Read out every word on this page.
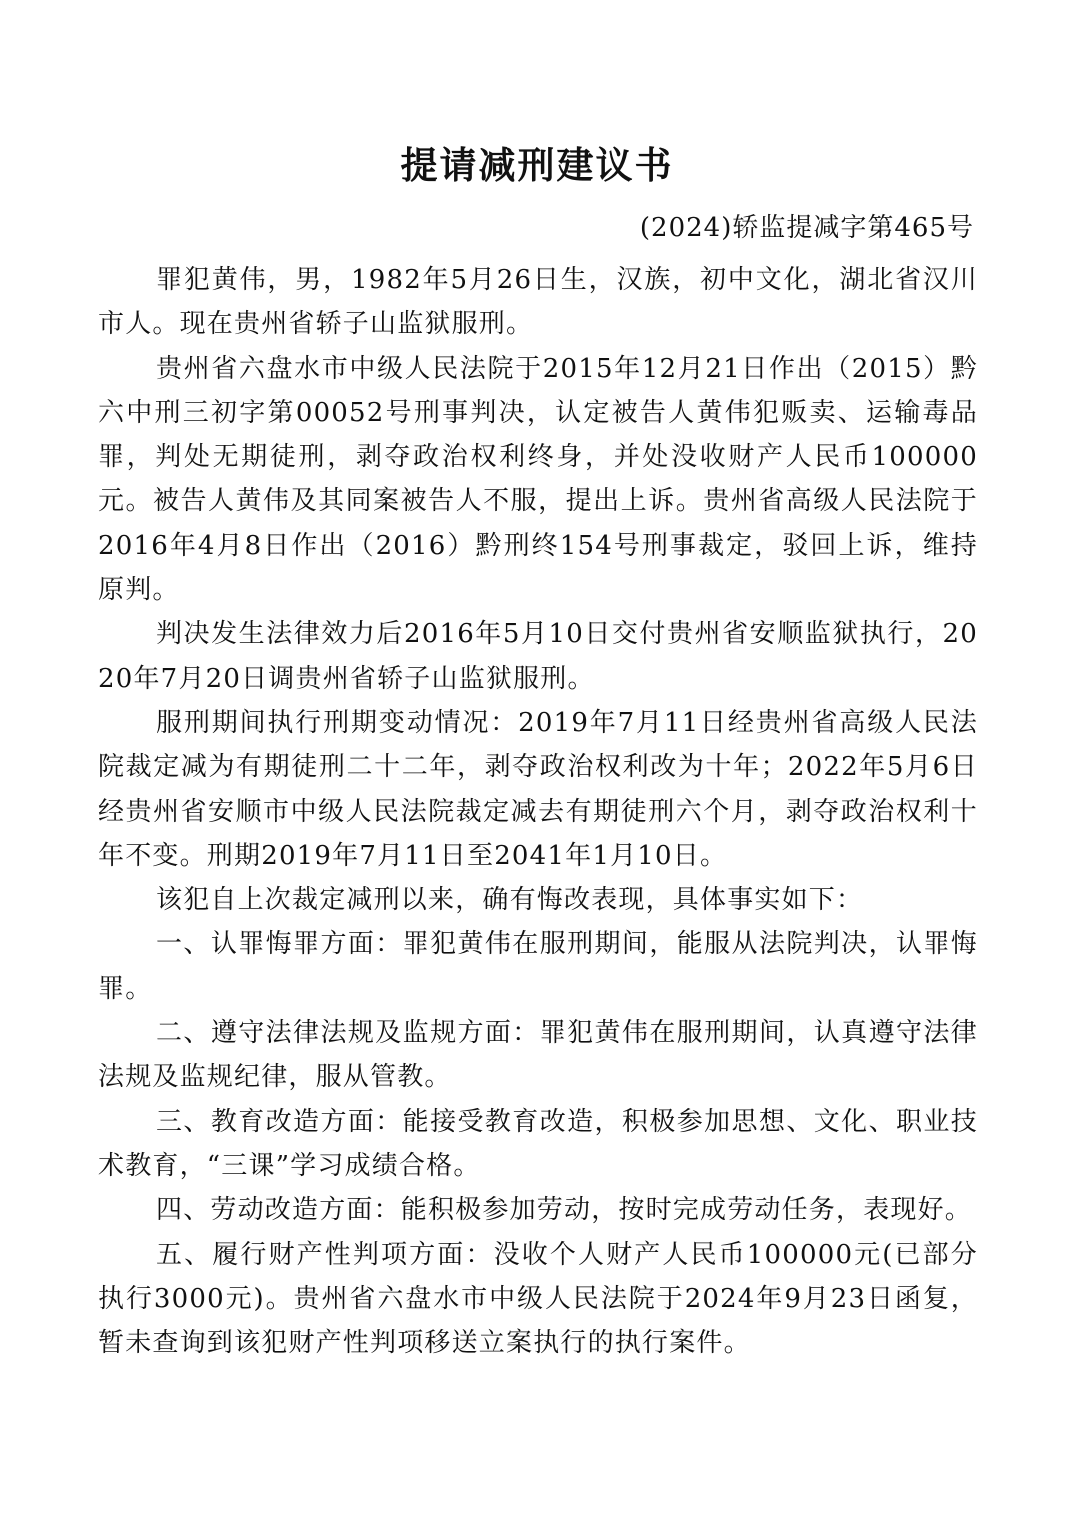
提请减刑建议书
(2024)轿监提减字第465号

罪犯黄伟，男，1982年5月26日生，汉族，初中文化，湖北省汉川市人。现在贵州省轿子山监狱服刑。

贵州省六盘水市中级人民法院于2015年12月21日作出（2015）黔六中刑三初字第00052号刑事判决，认定被告人黄伟犯贩卖、运输毒品罪，判处无期徒刑，剥夺政治权利终身，并处没收财产人民币100000元。被告人黄伟及其同案被告人不服，提出上诉。贵州省高级人民法院于2016年4月8日作出（2016）黔刑终154号刑事裁定，驳回上诉，维持原判。

判决发生法律效力后2016年5月10日交付贵州省安顺监狱执行，2020年7月20日调贵州省轿子山监狱服刑。

服刑期间执行刑期变动情况：2019年7月11日经贵州省高级人民法院裁定减为有期徒刑二十二年，剥夺政治权利改为十年；2022年5月6日经贵州省安顺市中级人民法院裁定减去有期徒刑六个月，剥夺政治权利十年不变。刑期2019年7月11日至2041年1月10日。

该犯自上次裁定减刑以来，确有悔改表现，具体事实如下：

一、认罪悔罪方面：罪犯黄伟在服刑期间，能服从法院判决，认罪悔罪。

二、遵守法律法规及监规方面：罪犯黄伟在服刑期间，认真遵守法律法规及监规纪律，服从管教。

三、教育改造方面：能接受教育改造，积极参加思想、文化、职业技术教育，“三课”学习成绩合格。

四、劳动改造方面：能积极参加劳动，按时完成劳动任务，表现好。

五、履行财产性判项方面：没收个人财产人民币100000元(已部分执行3000元)。贵州省六盘水市中级人民法院于2024年9月23日函复，暂未查询到该犯财产性判项移送立案执行的执行案件。
